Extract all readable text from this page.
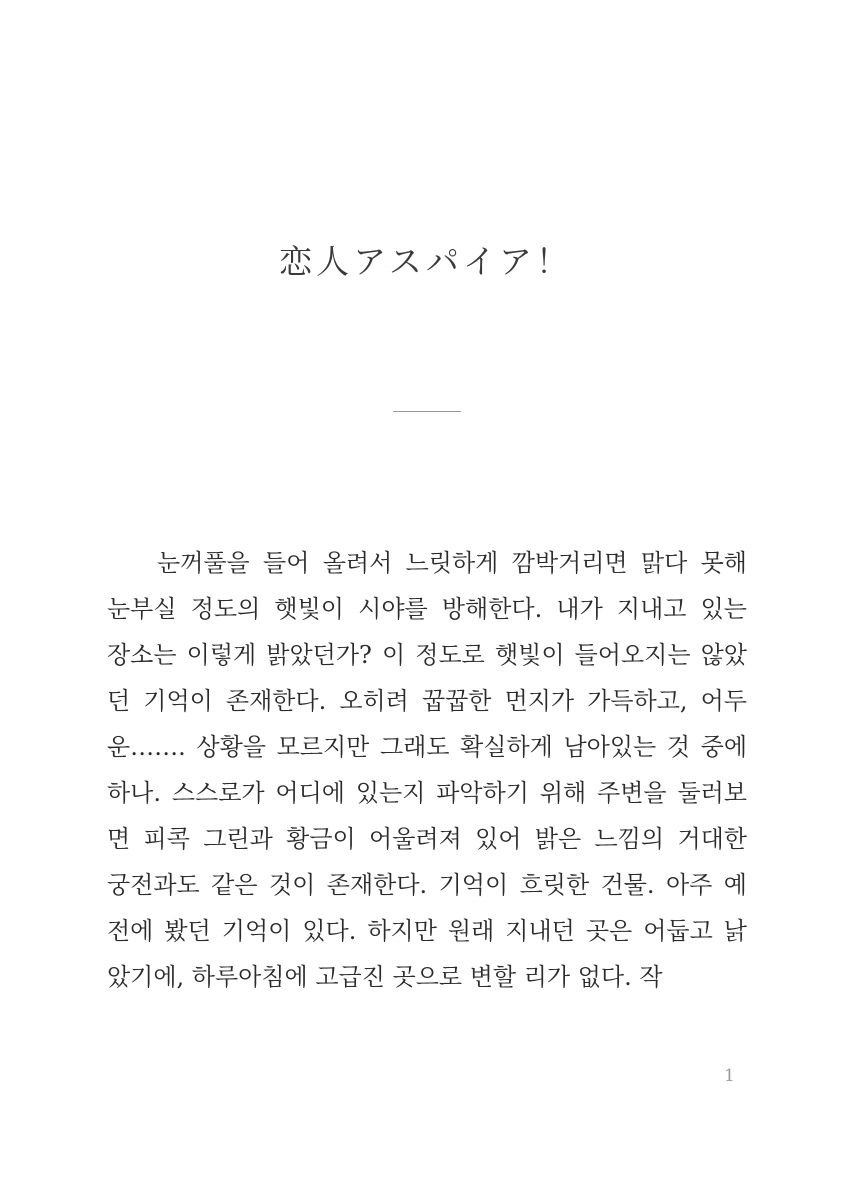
恋人アスパイア！
눈꺼풀을 들어 올려서 느릿하게 깜박거리면 맑다 못해
눈부실 정도의 햇빛이 시야를 방해한다. 내가 지내고 있는
장소는 이렇게 밝았던가? 이 정도로 햇빛이 들어오지는 않았
던 기억이 존재한다. 오히려 꿉꿉한 먼지가 가득하고, 어두
운……. 상황을 모르지만 그래도 확실하게 남아있는 것 중에
하나. 스스로가 어디에 있는지 파악하기 위해 주변을 둘러보
면 피콕 그린과 황금이 어울려져 있어 밝은 느낌의 거대한
궁전과도 같은 것이 존재한다. 기억이 흐릿한 건물. 아주 예
전에 봤던 기억이 있다. 하지만 원래 지내던 곳은 어둡고 낡
았기에, 하루아침에 고급진 곳으로 변할 리가 없다. 작
1
